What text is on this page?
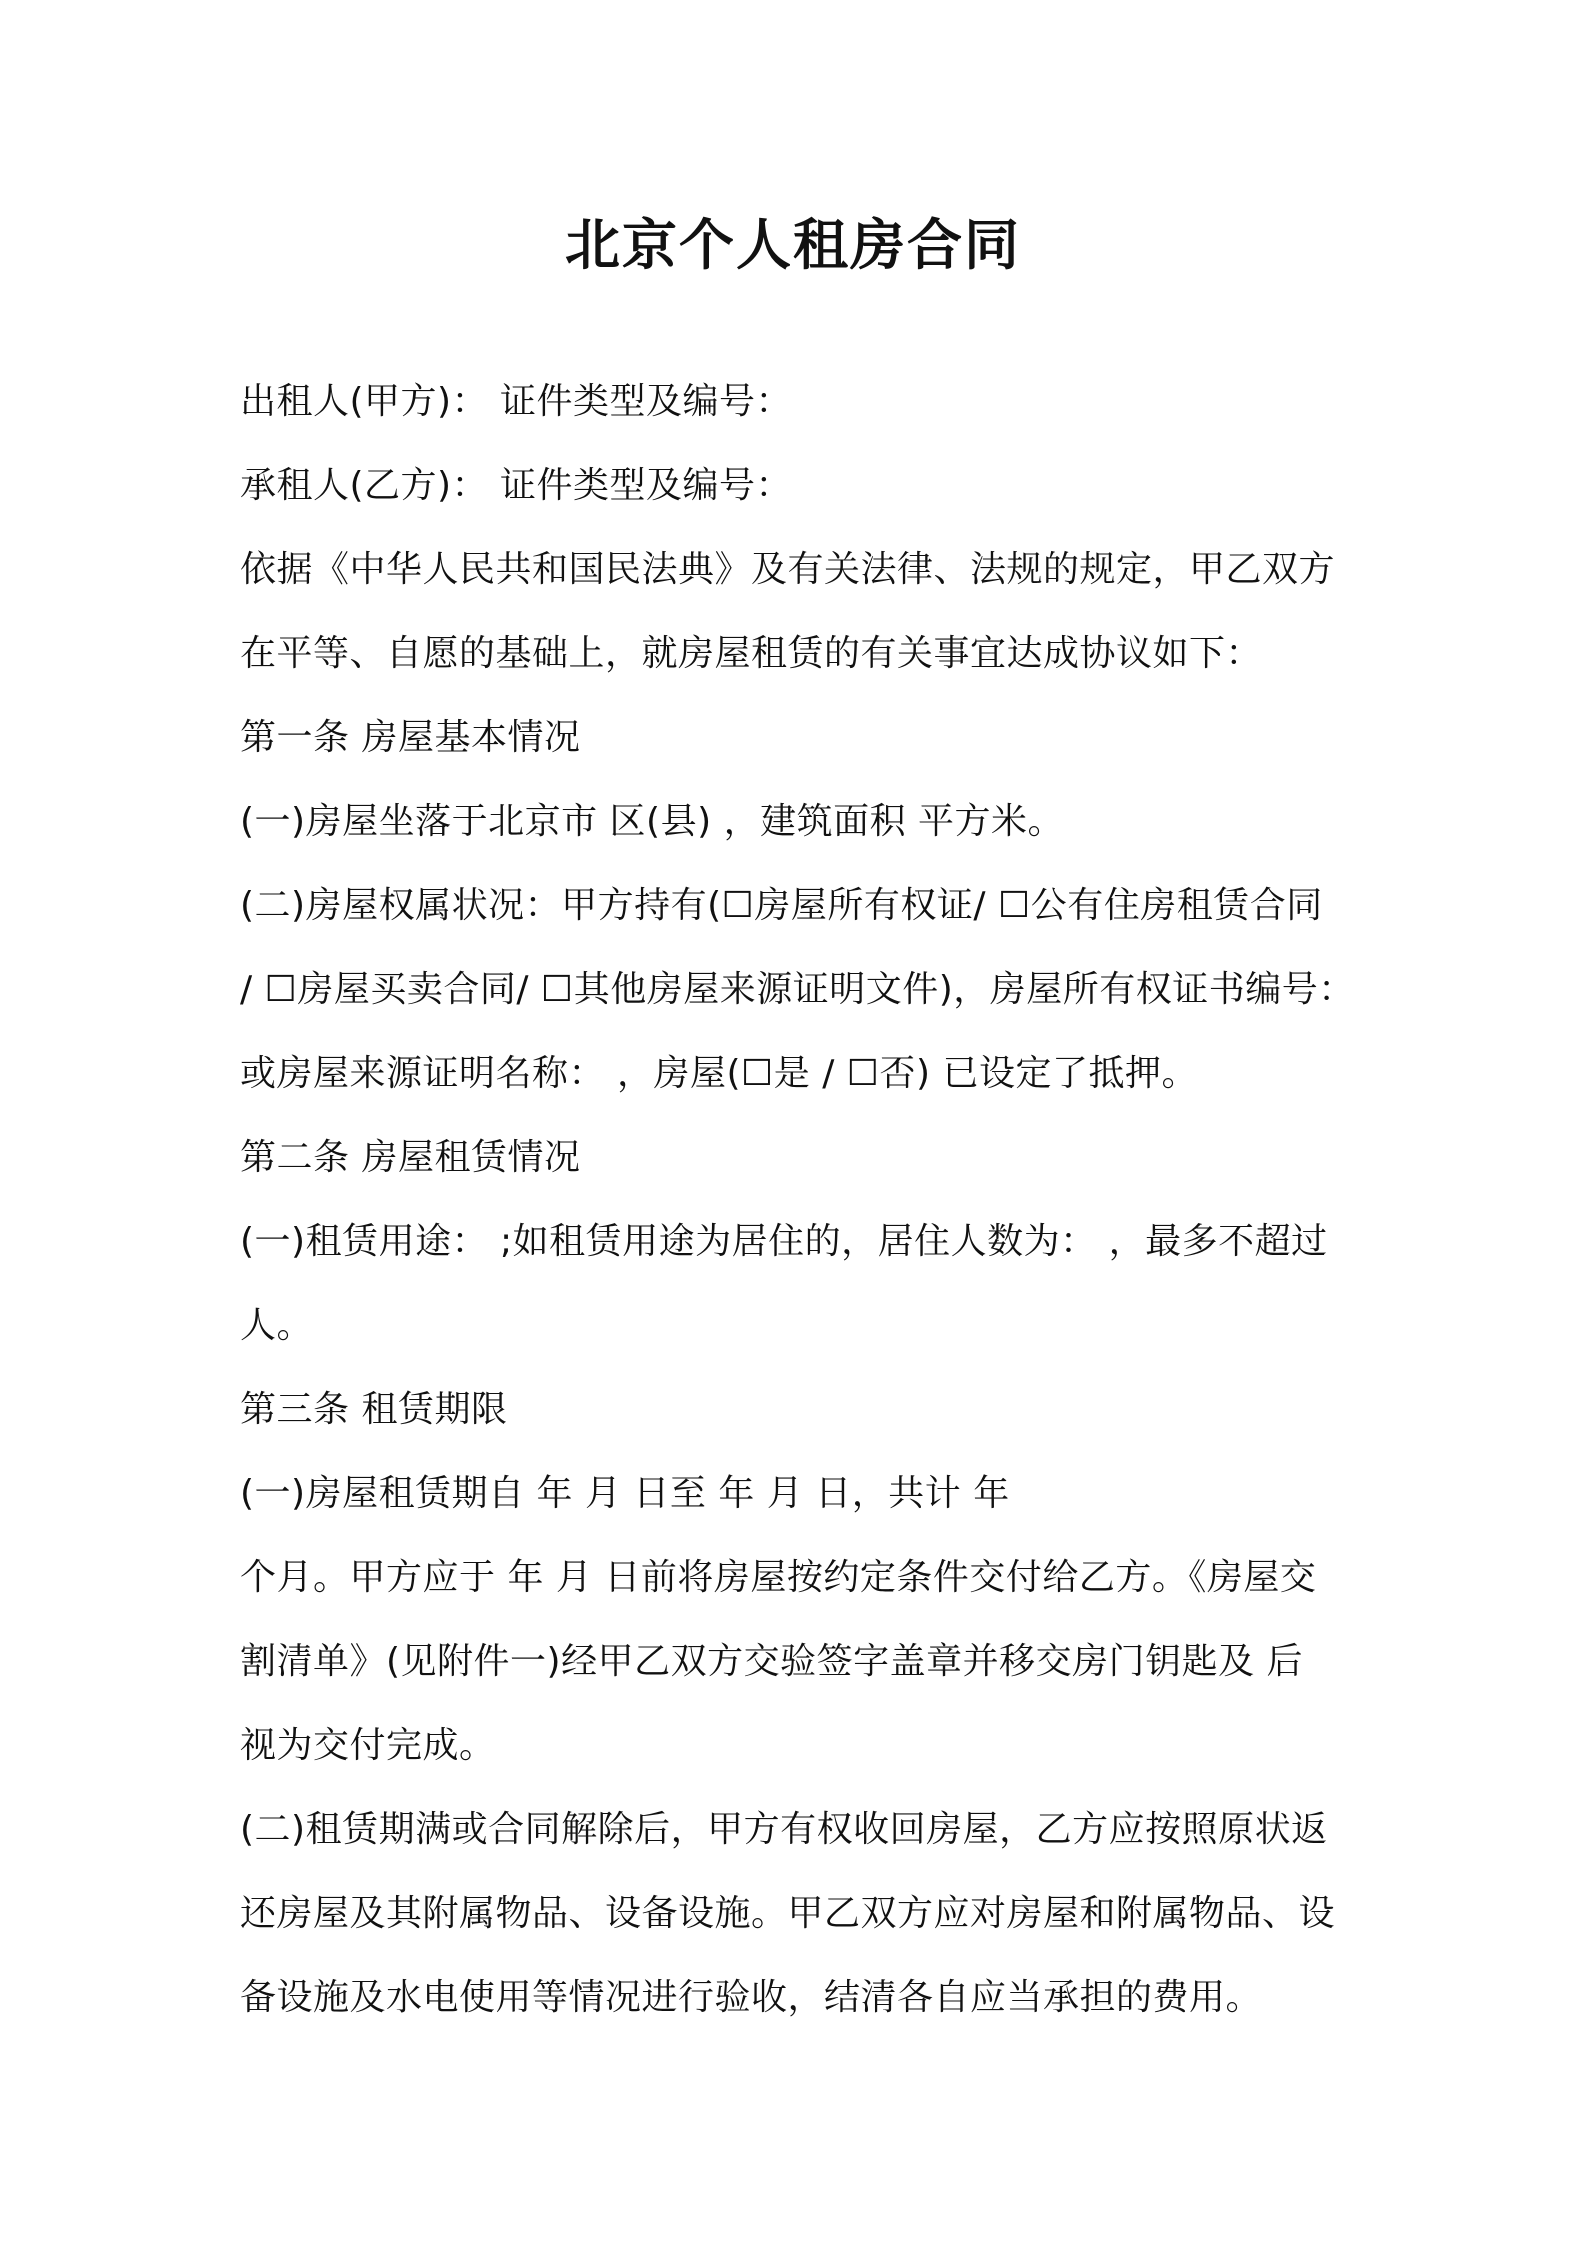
北京个人租房合同
出租人(甲方)： 证件类型及编号：
承租人(乙方)： 证件类型及编号：
依据《中华人民共和国民法典》及有关法律、法规的规定，甲乙双方
在平等、自愿的基础上，就房屋租赁的有关事宜达成协议如下：
第一条 房屋基本情况
(一)房屋坐落于北京市 区(县) ，建筑面积 平方米。
(二)房屋权属状况：甲方持有(☐房屋所有权证/ ☐公有住房租赁合同
/ ☐房屋买卖合同/ ☐其他房屋来源证明文件)，房屋所有权证书编号：
或房屋来源证明名称： ，房屋(☐是 / ☐否) 已设定了抵押。
第二条 房屋租赁情况
(一)租赁用途： ;如租赁用途为居住的，居住人数为： ，最多不超过
人。
第三条 租赁期限
(一)房屋租赁期自 年 月 日至 年 月 日，共计 年
个月。甲方应于 年 月 日前将房屋按约定条件交付给乙方。《房屋交
割清单》(见附件一)经甲乙双方交验签字盖章并移交房门钥匙及 后
视为交付完成。
(二)租赁期满或合同解除后，甲方有权收回房屋，乙方应按照原状返
还房屋及其附属物品、设备设施。甲乙双方应对房屋和附属物品、设
备设施及水电使用等情况进行验收，结清各自应当承担的费用。
